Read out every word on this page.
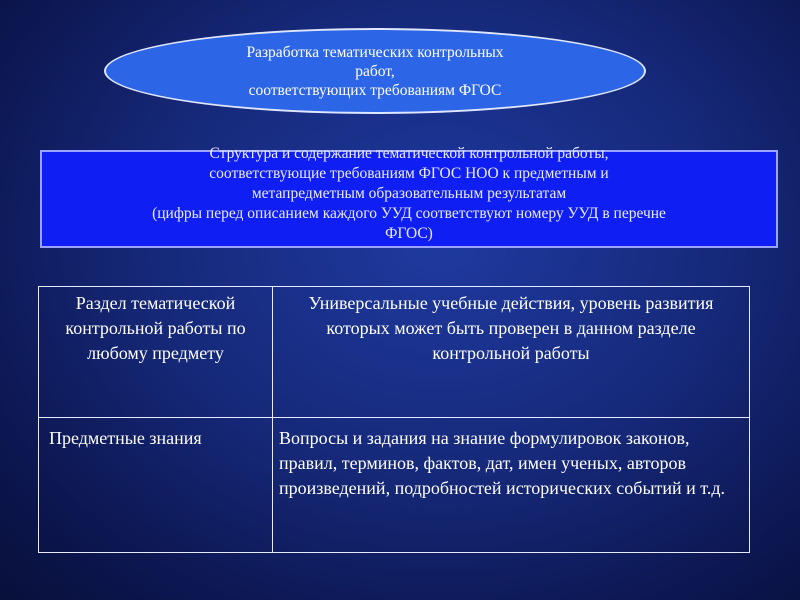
Разработка тематических контрольных
работ,
соответствующих требованиям ФГОС
Структура и содержание тематической контрольной работы,
соответствующие требованиям ФГОС НОО к предметным и
метапредметным образовательным результатам
(цифры перед описанием каждого УУД соответствуют номеру УУД в перечне
ФГОС)
Раздел тематической контрольной работы по любому предмету	Универсальные учебные действия, уровень развития которых может быть проверен в данном разделе контрольной работы
Предметные знания	Вопросы и задания на знание формулировок законов, правил, терминов, фактов, дат, имен ученых, авторов произведений, подробностей исторических событий и т.д.
